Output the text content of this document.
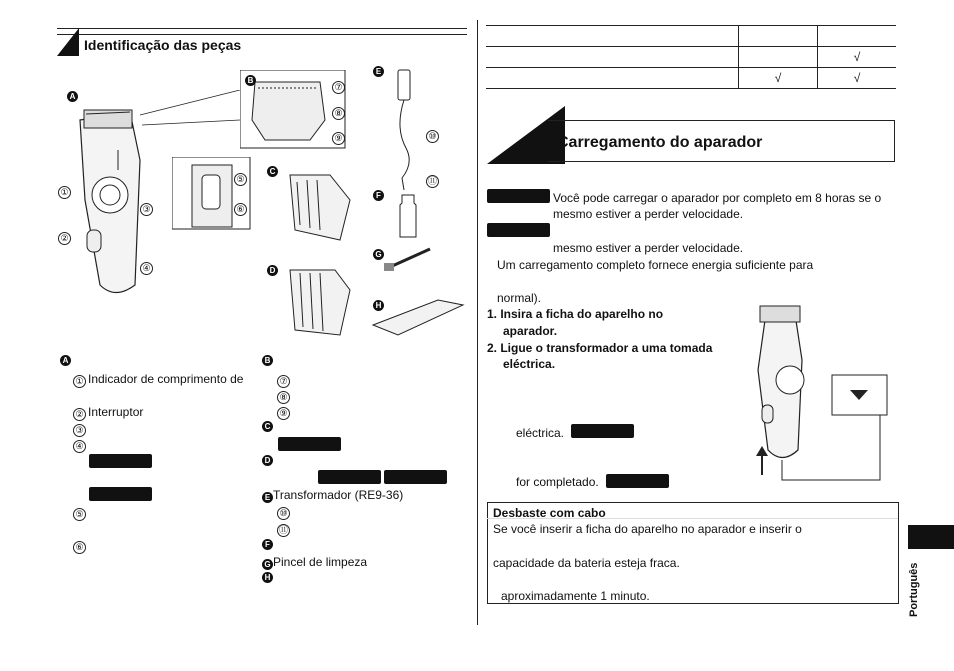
Identificação das peças
A
①
②
③
④
B
⑦
⑧
⑨
⑤
⑥
C
D
E
⑩
⑪
F
G
H
A
① Indicador de comprimento de
② Interruptor
③
④
⑤
⑥
B
⑦
⑧
⑨
C
D
E Transformador (RE9-36)
⑩
⑪
F
G Pincel de limpeza
H

		√
	√	√
Carga Carregamento do aparador
Você pode carregar o aparador por completo em 8 horas se o
mesmo estiver a perder velocidade.
mesmo estiver a perder velocidade.
Um carregamento completo fornece energia suficiente para
normal).
1. Insira a ficha do aparelho no
aparador.
2. Ligue o transformador a uma tomada
eléctrica.
eléctrica.
for completado.
Desbaste com cabo
Se você inserir a ficha do aparelho no aparador e inserir o
capacidade da bateria esteja fraca.
aproximadamente 1 minuto.	Português
